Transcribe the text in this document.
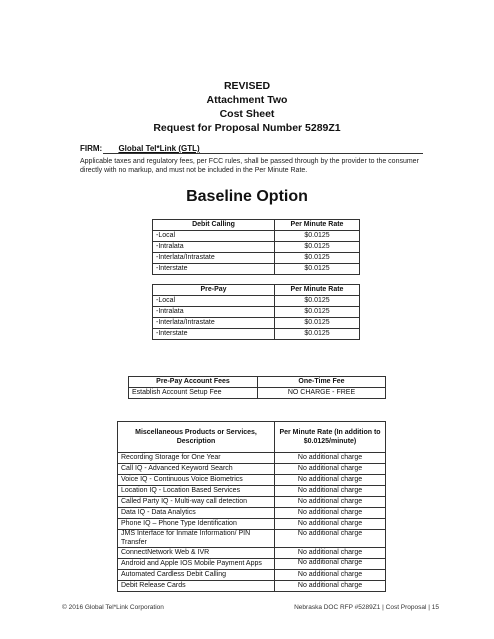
REVISED
Attachment Two
Cost Sheet
Request for Proposal Number 5289Z1
FIRM: Global Tel*Link (GTL)
Applicable taxes and regulatory fees, per FCC rules, shall be passed through by the provider to the consumer directly with no markup, and must not be included in the Per Minute Rate.
Baseline Option
Debit Calling	Per Minute Rate
-Local	$0.0125
-Intralata	$0.0125
-Interlata/Intrastate	$0.0125
-Interstate	$0.0125
Pre-Pay	Per Minute Rate
-Local	$0.0125
-Intralata	$0.0125
-Interlata/Intrastate	$0.0125
-Interstate	$0.0125
Pre-Pay Account Fees	One-Time Fee
Establish Account Setup Fee	NO CHARGE - FREE
Miscellaneous Products or Services, Description	Per Minute Rate (In addition to $0.0125/minute)
Recording Storage for One Year	No additional charge
Call IQ - Advanced Keyword Search	No additional charge
Voice IQ - Continuous Voice Biometrics	No additional charge
Location IQ - Location Based Services	No additional charge
Called Party IQ - Multi-way call detection	No additional charge
Data IQ - Data Analytics	No additional charge
Phone IQ – Phone Type Identification	No additional charge
JMS Interface for Inmate Information/ PIN Transfer	No additional charge
ConnectNetwork Web & IVR	No additional charge
Android and Apple IOS Mobile Payment Apps	No additional charge
Automated Cardless Debit Calling	No additional charge
Debit Release Cards	No additional charge
© 2016 Global Tel*Link Corporation	Nebraska DOC RFP #5289Z1 | Cost Proposal | 15
